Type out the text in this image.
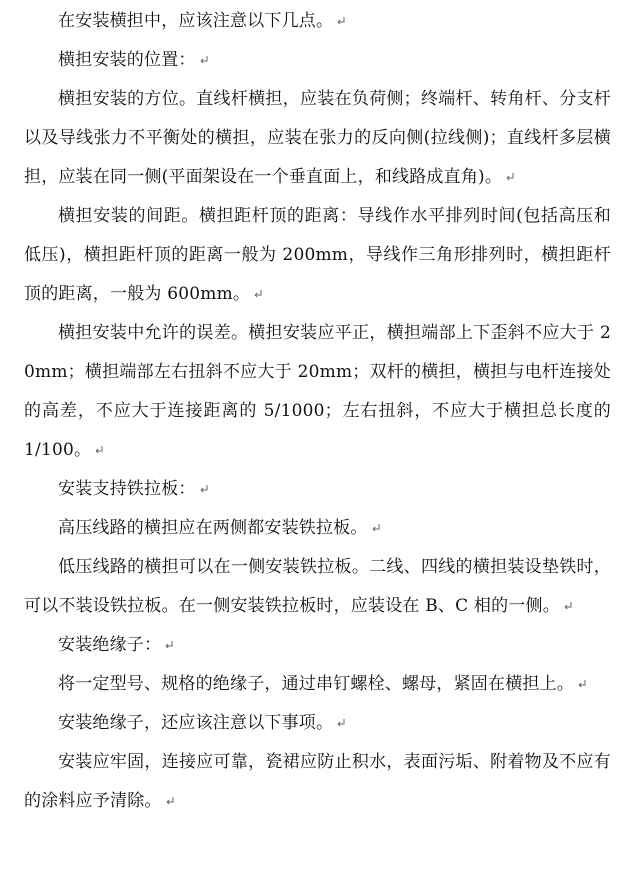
在安装横担中，应该注意以下几点。

横担安装的位置：

横担安装的方位。直线杆横担，应装在负荷侧；终端杆、转角杆、分支杆以及导线张力不平衡处的横担，应装在张力的反向侧(拉线侧)；直线杆多层横担，应装在同一侧(平面架设在一个垂直面上，和线路成直角)。

横担安装的间距。横担距杆顶的距离：导线作水平排列时间(包括高压和低压)，横担距杆顶的距离一般为 200mm，导线作三角形排列时，横担距杆顶的距离，一般为 600mm。

横担安装中允许的误差。横担安装应平正，横担端部上下歪斜不应大于 20mm；横担端部左右扭斜不应大于 20mm；双杆的横担，横担与电杆连接处的高差，不应大于连接距离的 5/1000；左右扭斜，不应大于横担总长度的 1/100。

安装支持铁拉板：

高压线路的横担应在两侧都安装铁拉板。

低压线路的横担可以在一侧安装铁拉板。二线、四线的横担装设垫铁时，可以不装设铁拉板。在一侧安装铁拉板时，应装设在 B、C 相的一侧。

安装绝缘子：

将一定型号、规格的绝缘子，通过串钉螺栓、螺母，紧固在横担上。

安装绝缘子，还应该注意以下事项。

安装应牢固，连接应可靠，瓷裙应防止积水，表面污垢、附着物及不应有的涂料应予清除。
